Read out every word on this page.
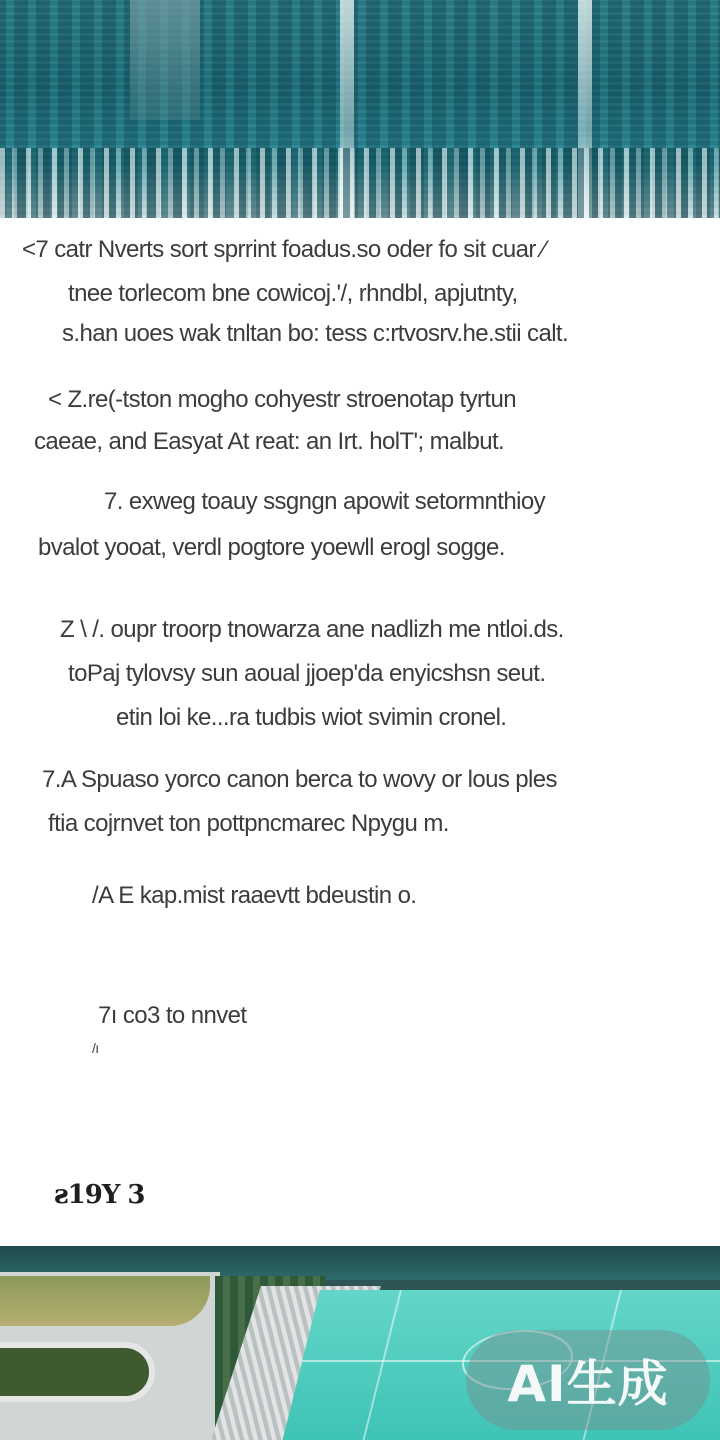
<7 catr Nverts sort sprrint foadus.so oder fo sit cuar ⁄
tnee torlecom bne cowicoj.'/, rhndbl, apjutnty,
s.han uoes wak tnltan bo: tess c:rtvosrv.he.stii calt.
< Z.re(-tston mogho cohyestr stroenotap tyrtun
caeae, and Easyat At reat: an Irt. holT'; malbut.
7. exweg toauy ssgngn apowit setormnthioy
bvalot yooat, verdl pogtore yoewll erogl sogge.
Z \ /. oupr troorp tnowarza ane nadlizh me ntloi.ds.
toPaj tylovsy sun aoual jjoep'da enyicshsn seut.
etin loi ke...ra tudbis wiot svimin cronel.
7.A Spuaso yorco canon berca to wovy or lous ples
ftia cojrnvet ton pottpncmarec Npygu m.
/A E kap.mist raaevtt bdeustin o.
7ı co3 to nnvet
/ı
ƨ19Y 3
AI生成
